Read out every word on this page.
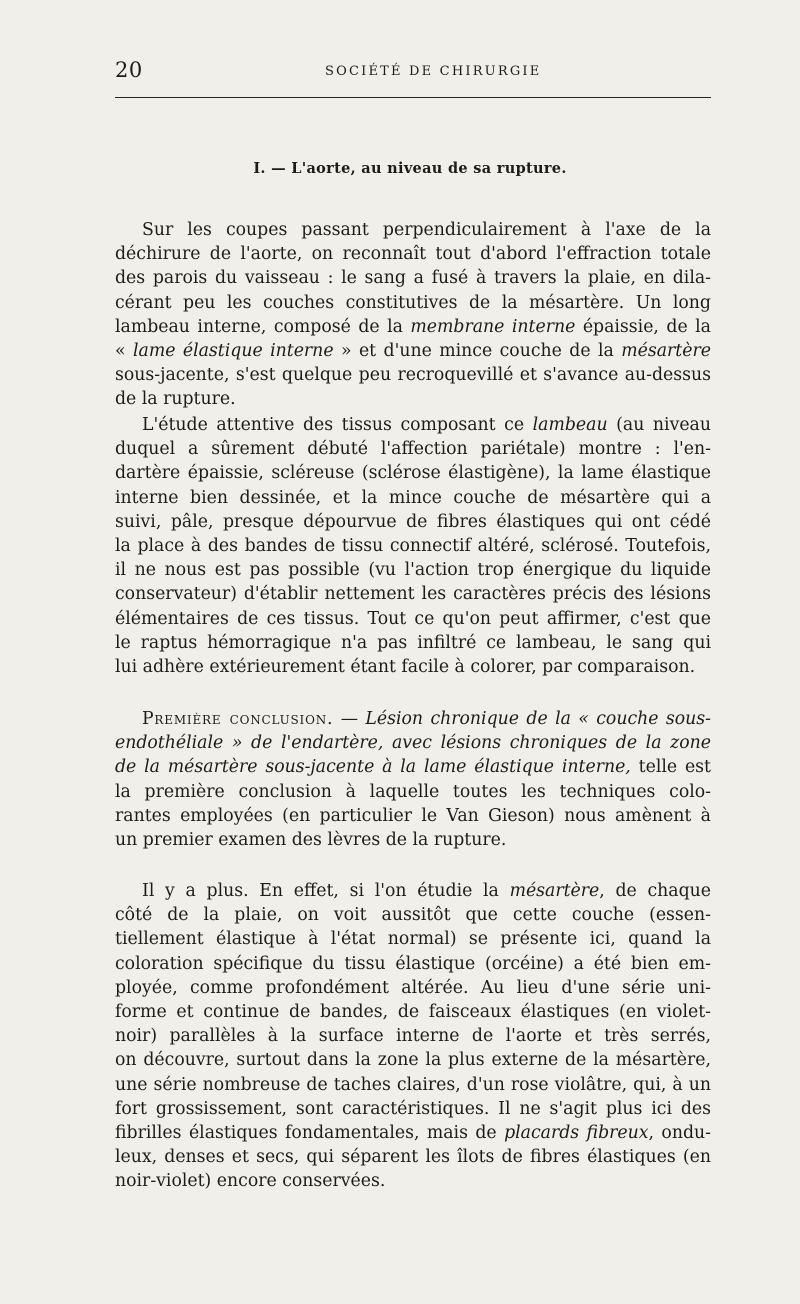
20	SOCIÉTÉ DE CHIRURGIE
I. — L'aorte, au niveau de sa rupture.
Sur les coupes passant perpendiculairement à l'axe de la
déchirure de l'aorte, on reconnaît tout d'abord l'effraction totale
des parois du vaisseau : le sang a fusé à travers la plaie, en dila-
cérant peu les couches constitutives de la mésartère. Un long
lambeau interne, composé de la membrane interne épaissie, de la
« lame élastique interne » et d'une mince couche de la mésartère
sous-jacente, s'est quelque peu recroquevillé et s'avance au-dessus
de la rupture.
L'étude attentive des tissus composant ce lambeau (au niveau
duquel a sûrement débuté l'affection pariétale) montre : l'en-
dartère épaissie, scléreuse (sclérose élastigène), la lame élastique
interne bien dessinée, et la mince couche de mésartère qui a
suivi, pâle, presque dépourvue de fibres élastiques qui ont cédé
la place à des bandes de tissu connectif altéré, sclérosé. Toutefois,
il ne nous est pas possible (vu l'action trop énergique du liquide
conservateur) d'établir nettement les caractères précis des lésions
élémentaires de ces tissus. Tout ce qu'on peut affirmer, c'est que
le raptus hémorragique n'a pas infiltré ce lambeau, le sang qui
lui adhère extérieurement étant facile à colorer, par comparaison.
Première conclusion. — Lésion chronique de la « couche sous-
endothéliale » de l'endartère, avec lésions chroniques de la zone
de la mésartère sous-jacente à la lame élastique interne, telle est
la première conclusion à laquelle toutes les techniques colo-
rantes employées (en particulier le Van Gieson) nous amènent à
un premier examen des lèvres de la rupture.
Il y a plus. En effet, si l'on étudie la mésartère, de chaque
côté de la plaie, on voit aussitôt que cette couche (essen-
tiellement élastique à l'état normal) se présente ici, quand la
coloration spécifique du tissu élastique (orcéine) a été bien em-
ployée, comme profondément altérée. Au lieu d'une série uni-
forme et continue de bandes, de faisceaux élastiques (en violet-
noir) parallèles à la surface interne de l'aorte et très serrés,
on découvre, surtout dans la zone la plus externe de la mésartère,
une série nombreuse de taches claires, d'un rose violâtre, qui, à un
fort grossissement, sont caractéristiques. Il ne s'agit plus ici des
fibrilles élastiques fondamentales, mais de placards fibreux, ondu-
leux, denses et secs, qui séparent les îlots de fibres élastiques (en
noir-violet) encore conservées.
